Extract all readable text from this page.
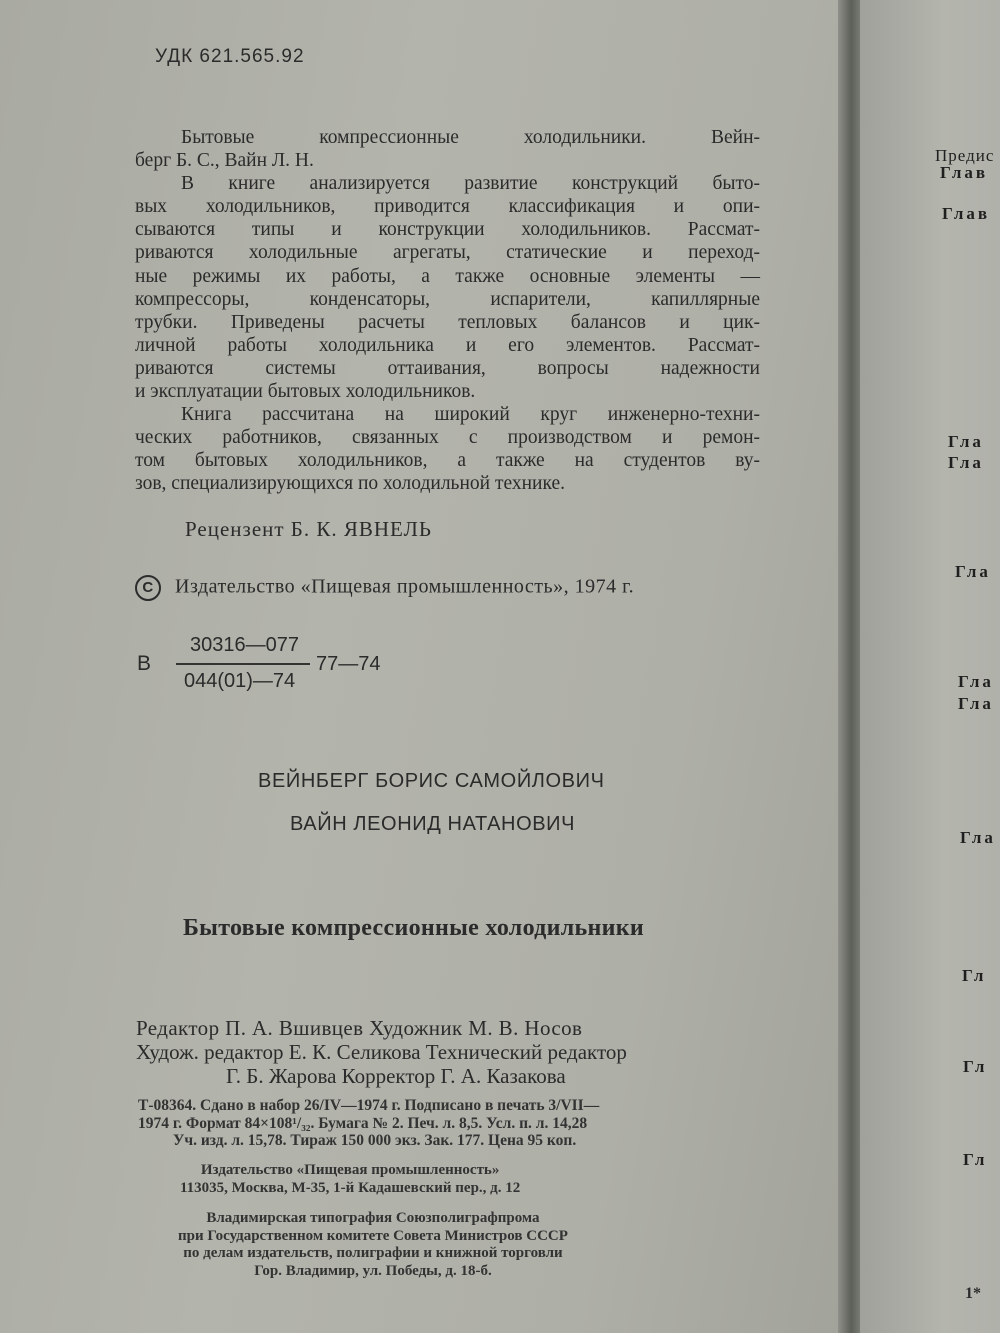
УДК 621.565.92
Бытовые компрессионные холодильники. Вейн-
берг Б. С., Вайн Л. Н.
В книге анализируется развитие конструкций быто-
вых холодильников, приводится классификация и опи-
сываются типы и конструкции холодильников. Рассмат-
риваются холодильные агрегаты, статические и переход-
ные режимы их работы, а также основные элементы —
компрессоры, конденсаторы, испарители, капиллярные
трубки. Приведены расчеты тепловых балансов и цик-
личной работы холодильника и его элементов. Рассмат-
риваются системы оттаивания, вопросы надежности
и эксплуатации бытовых холодильников.
Книга рассчитана на широкий круг инженерно-техни-
ческих работников, связанных с производством и ремон-
том бытовых холодильников, а также на студентов ву-
зов, специализирующихся по холодильной технике.
Рецензент Б. К. ЯВНЕЛЬ
C Издательство «Пищевая промышленность», 1974 г.
В
30316—077
044(01)—74
77—74
ВЕЙНБЕРГ БОРИС САМОЙЛОВИЧ
ВАЙН ЛЕОНИД НАТАНОВИЧ
Бытовые компрессионные холодильники
Редактор П. А. Вшивцев Художник М. В. Носов
Худож. редактор Е. К. Селикова Технический редактор
Г. Б. Жарова Корректор Г. А. Казакова
Т-08364. Сдано в набор 26/IV—1974 г. Подписано в печать 3/VII—
1974 г. Формат 84×108¹/₃₂. Бумага № 2. Печ. л. 8,5. Усл. п. л. 14,28
Уч. изд. л. 15,78. Тираж 150 000 экз. Зак. 177. Цена 95 коп.
Издательство «Пищевая промышленность»
113035, Москва, М-35, 1-й Кадашевский пер., д. 12
Владимирская типография Союзполиграфпрома
при Государственном комитете Совета Министров СССР
по делам издательств, полиграфии и книжной торговли
Гор. Владимир, ул. Победы, д. 18-б.
Предис
Глав
Глав
Гла
Гла
Гла
Гла
Гла
Гла
Гл
Гл
Гл
1*
